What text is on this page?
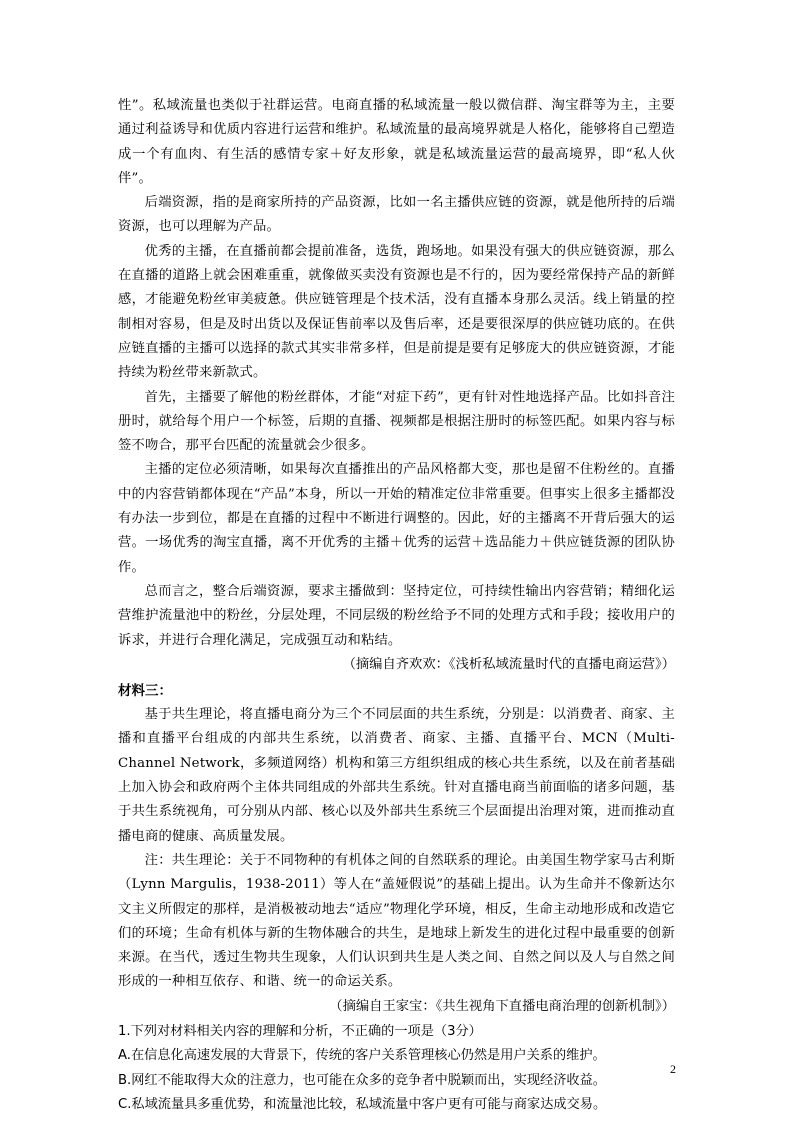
性”。私域流量也类似于社群运营。电商直播的私域流量一般以微信群、淘宝群等为主，主要通过利益诱导和优质内容进行运营和维护。私域流量的最高境界就是人格化，能够将自己塑造成一个有血肉、有生活的感情专家＋好友形象，就是私域流量运营的最高境界，即“私人伙伴”。

后端资源，指的是商家所持的产品资源，比如一名主播供应链的资源，就是他所持的后端资源，也可以理解为产品。

优秀的主播，在直播前都会提前准备，选货，跑场地。如果没有强大的供应链资源，那么在直播的道路上就会困难重重，就像做买卖没有资源也是不行的，因为要经常保持产品的新鲜感，才能避免粉丝审美疲惫。供应链管理是个技术活，没有直播本身那么灵活。线上销量的控制相对容易，但是及时出货以及保证售前率以及售后率，还是要很深厚的供应链功底的。在供应链直播的主播可以选择的款式其实非常多样，但是前提是要有足够庞大的供应链资源，才能持续为粉丝带来新款式。

首先，主播要了解他的粉丝群体，才能“对症下药”，更有针对性地选择产品。比如抖音注册时，就给每个用户一个标签，后期的直播、视频都是根据注册时的标签匹配。如果内容与标签不吻合，那平台匹配的流量就会少很多。

主播的定位必须清晰，如果每次直播推出的产品风格都大变，那也是留不住粉丝的。直播中的内容营销都体现在“产品”本身，所以一开始的精准定位非常重要。但事实上很多主播都没有办法一步到位，都是在直播的过程中不断进行调整的。因此，好的主播离不开背后强大的运营。一场优秀的淘宝直播，离不开优秀的主播＋优秀的运营＋选品能力＋供应链货源的团队协作。

总而言之，整合后端资源，要求主播做到：坚持定位，可持续性输出内容营销；精细化运营维护流量池中的粉丝，分层处理，不同层级的粉丝给予不同的处理方式和手段；接收用户的诉求，并进行合理化满足，完成强互动和粘结。

（摘编自齐欢欢：《浅析私域流量时代的直播电商运营》）

材料三：

基于共生理论，将直播电商分为三个不同层面的共生系统，分别是：以消费者、商家、主播和直播平台组成的内部共生系统，以消费者、商家、主播、直播平台、MCN（Multi-Channel Network，多频道网络）机构和第三方组织组成的核心共生系统，以及在前者基础上加入协会和政府两个主体共同组成的外部共生系统。针对直播电商当前面临的诸多问题，基于共生系统视角，可分别从内部、核心以及外部共生系统三个层面提出治理对策，进而推动直播电商的健康、高质量发展。

注：共生理论：关于不同物种的有机体之间的自然联系的理论。由美国生物学家马古利斯（Lynn Margulis，1938-2011）等人在“盖娅假说”的基础上提出。认为生命并不像新达尔文主义所假定的那样，是消极被动地去“适应”物理化学环境，相反，生命主动地形成和改造它们的环境；生命有机体与新的生物体融合的共生，是地球上新发生的进化过程中最重要的创新来源。在当代，透过生物共生现象，人们认识到共生是人类之间、自然之间以及人与自然之间形成的一种相互依存、和谐、统一的命运关系。

（摘编自王家宝：《共生视角下直播电商治理的创新机制》）

1.下列对材料相关内容的理解和分析，不正确的一项是（3分）

A.在信息化高速发展的大背景下，传统的客户关系管理核心仍然是用户关系的维护。

B.网红不能取得大众的注意力，也可能在众多的竞争者中脱颖而出，实现经济收益。

C.私域流量具多重优势，和流量池比较，私域流量中客户更有可能与商家达成交易。

2
